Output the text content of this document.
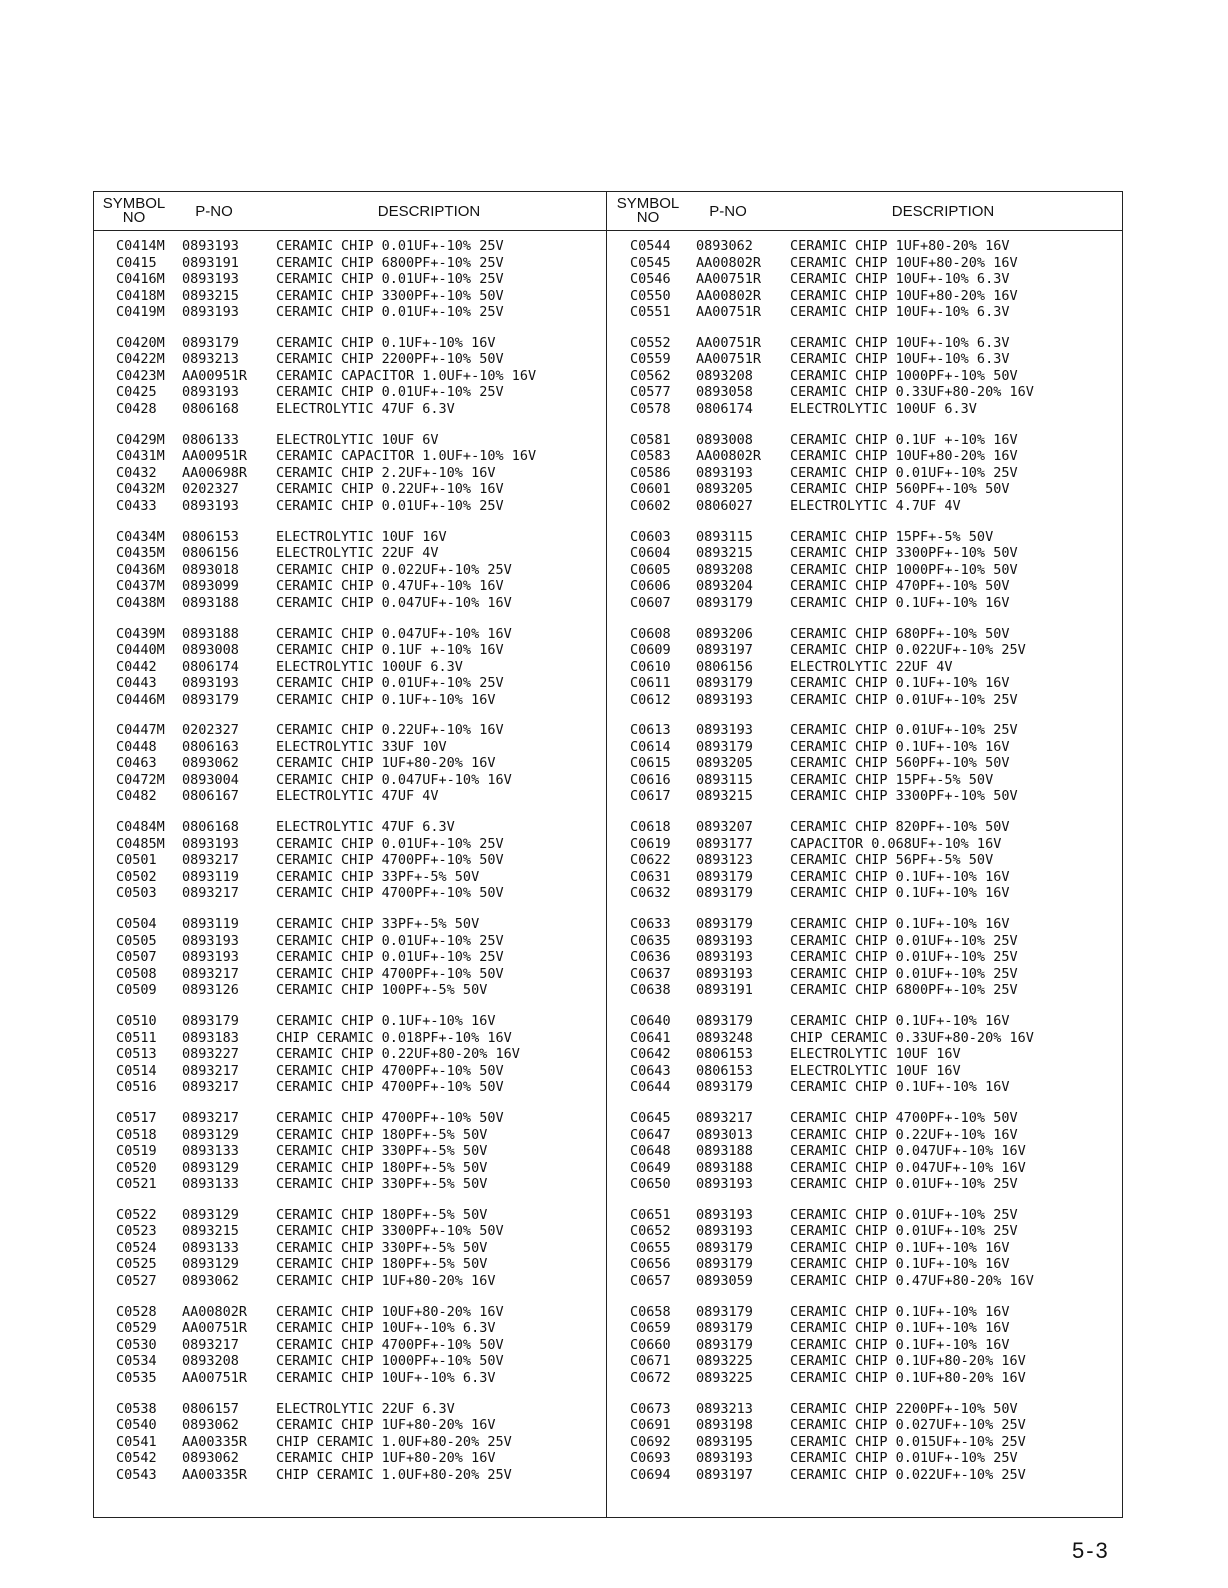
SYMBOL
NO	P-NO	DESCRIPTION
C0414M 0893193	CERAMIC CHIP 0.01UF+-10% 25V
C0415 0893191	CERAMIC CHIP 6800PF+-10% 25V
C0416M 0893193	CERAMIC CHIP 0.01UF+-10% 25V
C0418M 0893215	CERAMIC CHIP 3300PF+-10% 50V
C0419M 0893193	CERAMIC CHIP 0.01UF+-10% 25V
C0420M 0893179	CERAMIC CHIP 0.1UF+-10% 16V
C0422M 0893213	CERAMIC CHIP 2200PF+-10% 50V
C0423M AA00951R CERAMIC CAPACITOR 1.0UF+-10% 16V
C0425 0893193	CERAMIC CHIP 0.01UF+-10% 25V
C0428 0806168	ELECTROLYTIC 47UF 6.3V
C0429M 0806133	ELECTROLYTIC 10UF 6V
C0431M AA00951R CERAMIC CAPACITOR 1.0UF+-10% 16V
C0432 AA00698R CERAMIC CHIP 2.2UF+-10% 16V
C0432M 0202327	CERAMIC CHIP 0.22UF+-10% 16V
C0433 0893193	CERAMIC CHIP 0.01UF+-10% 25V
C0434M 0806153	ELECTROLYTIC 10UF 16V
C0435M 0806156	ELECTROLYTIC 22UF 4V
C0436M 0893018	CERAMIC CHIP 0.022UF+-10% 25V
C0437M 0893099	CERAMIC CHIP 0.47UF+-10% 16V
C0438M 0893188	CERAMIC CHIP 0.047UF+-10% 16V
C0439M 0893188	CERAMIC CHIP 0.047UF+-10% 16V
C0440M 0893008	CERAMIC CHIP 0.1UF +-10% 16V
C0442 0806174	ELECTROLYTIC 100UF 6.3V
C0443 0893193	CERAMIC CHIP 0.01UF+-10% 25V
C0446M 0893179	CERAMIC CHIP 0.1UF+-10% 16V
C0447M 0202327	CERAMIC CHIP 0.22UF+-10% 16V
C0448 0806163	ELECTROLYTIC 33UF 10V
C0463 0893062	CERAMIC CHIP 1UF+80-20% 16V
C0472M 0893004	CERAMIC CHIP 0.047UF+-10% 16V
C0482 0806167	ELECTROLYTIC 47UF 4V
C0484M 0806168	ELECTROLYTIC 47UF 6.3V
C0485M 0893193	CERAMIC CHIP 0.01UF+-10% 25V
C0501 0893217	CERAMIC CHIP 4700PF+-10% 50V
C0502 0893119	CERAMIC CHIP 33PF+-5% 50V
C0503 0893217	CERAMIC CHIP 4700PF+-10% 50V
C0504 0893119	CERAMIC CHIP 33PF+-5% 50V
C0505 0893193	CERAMIC CHIP 0.01UF+-10% 25V
C0507 0893193	CERAMIC CHIP 0.01UF+-10% 25V
C0508 0893217	CERAMIC CHIP 4700PF+-10% 50V
C0509 0893126	CERAMIC CHIP 100PF+-5% 50V
C0510 0893179	CERAMIC CHIP 0.1UF+-10% 16V
C0511 0893183	CHIP CERAMIC 0.018PF+-10% 16V
C0513 0893227	CERAMIC CHIP 0.22UF+80-20% 16V
C0514 0893217	CERAMIC CHIP 4700PF+-10% 50V
C0516 0893217	CERAMIC CHIP 4700PF+-10% 50V
C0517 0893217	CERAMIC CHIP 4700PF+-10% 50V
C0518 0893129	CERAMIC CHIP 180PF+-5% 50V
C0519 0893133	CERAMIC CHIP 330PF+-5% 50V
C0520 0893129	CERAMIC CHIP 180PF+-5% 50V
C0521 0893133	CERAMIC CHIP 330PF+-5% 50V
C0522 0893129	CERAMIC CHIP 180PF+-5% 50V
C0523 0893215	CERAMIC CHIP 3300PF+-10% 50V
C0524 0893133	CERAMIC CHIP 330PF+-5% 50V
C0525 0893129	CERAMIC CHIP 180PF+-5% 50V
C0527 0893062	CERAMIC CHIP 1UF+80-20% 16V
C0528 AA00802R CERAMIC CHIP 10UF+80-20% 16V
C0529 AA00751R CERAMIC CHIP 10UF+-10% 6.3V
C0530 0893217	CERAMIC CHIP 4700PF+-10% 50V
C0534 0893208	CERAMIC CHIP 1000PF+-10% 50V
C0535 AA00751R CERAMIC CHIP 10UF+-10% 6.3V
C0538 0806157	ELECTROLYTIC 22UF 6.3V
C0540 0893062	CERAMIC CHIP 1UF+80-20% 16V
C0541 AA00335R CHIP CERAMIC 1.0UF+80-20% 25V
C0542 0893062	CERAMIC CHIP 1UF+80-20% 16V
C0543 AA00335R CHIP CERAMIC 1.0UF+80-20% 25V
SYMBOL
NO	P-NO	DESCRIPTION
C0544 0893062	CERAMIC CHIP 1UF+80-20% 16V
C0545 AA00802R CERAMIC CHIP 10UF+80-20% 16V
C0546 AA00751R CERAMIC CHIP 10UF+-10% 6.3V
C0550 AA00802R CERAMIC CHIP 10UF+80-20% 16V
C0551 AA00751R CERAMIC CHIP 10UF+-10% 6.3V
C0552 AA00751R CERAMIC CHIP 10UF+-10% 6.3V
C0559 AA00751R CERAMIC CHIP 10UF+-10% 6.3V
C0562 0893208	CERAMIC CHIP 1000PF+-10% 50V
C0577 0893058	CERAMIC CHIP 0.33UF+80-20% 16V
C0578 0806174	ELECTROLYTIC 100UF 6.3V
C0581 0893008	CERAMIC CHIP 0.1UF +-10% 16V
C0583 AA00802R CERAMIC CHIP 10UF+80-20% 16V
C0586 0893193	CERAMIC CHIP 0.01UF+-10% 25V
C0601 0893205	CERAMIC CHIP 560PF+-10% 50V
C0602 0806027	ELECTROLYTIC 4.7UF 4V
C0603 0893115	CERAMIC CHIP 15PF+-5% 50V
C0604 0893215	CERAMIC CHIP 3300PF+-10% 50V
C0605 0893208	CERAMIC CHIP 1000PF+-10% 50V
C0606 0893204	CERAMIC CHIP 470PF+-10% 50V
C0607 0893179	CERAMIC CHIP 0.1UF+-10% 16V
C0608 0893206	CERAMIC CHIP 680PF+-10% 50V
C0609 0893197	CERAMIC CHIP 0.022UF+-10% 25V
C0610 0806156	ELECTROLYTIC 22UF 4V
C0611 0893179	CERAMIC CHIP 0.1UF+-10% 16V
C0612 0893193	CERAMIC CHIP 0.01UF+-10% 25V
C0613 0893193	CERAMIC CHIP 0.01UF+-10% 25V
C0614 0893179	CERAMIC CHIP 0.1UF+-10% 16V
C0615 0893205	CERAMIC CHIP 560PF+-10% 50V
C0616 0893115	CERAMIC CHIP 15PF+-5% 50V
C0617 0893215	CERAMIC CHIP 3300PF+-10% 50V
C0618 0893207	CERAMIC CHIP 820PF+-10% 50V
C0619 0893177	CAPACITOR 0.068UF+-10% 16V
C0622 0893123	CERAMIC CHIP 56PF+-5% 50V
C0631 0893179	CERAMIC CHIP 0.1UF+-10% 16V
C0632 0893179	CERAMIC CHIP 0.1UF+-10% 16V
C0633 0893179	CERAMIC CHIP 0.1UF+-10% 16V
C0635 0893193	CERAMIC CHIP 0.01UF+-10% 25V
C0636 0893193	CERAMIC CHIP 0.01UF+-10% 25V
C0637 0893193	CERAMIC CHIP 0.01UF+-10% 25V
C0638 0893191	CERAMIC CHIP 6800PF+-10% 25V
C0640 0893179	CERAMIC CHIP 0.1UF+-10% 16V
C0641 0893248	CHIP CERAMIC 0.33UF+80-20% 16V
C0642 0806153	ELECTROLYTIC 10UF 16V
C0643 0806153	ELECTROLYTIC 10UF 16V
C0644 0893179	CERAMIC CHIP 0.1UF+-10% 16V
C0645 0893217	CERAMIC CHIP 4700PF+-10% 50V
C0647 0893013	CERAMIC CHIP 0.22UF+-10% 16V
C0648 0893188	CERAMIC CHIP 0.047UF+-10% 16V
C0649 0893188	CERAMIC CHIP 0.047UF+-10% 16V
C0650 0893193	CERAMIC CHIP 0.01UF+-10% 25V
C0651 0893193	CERAMIC CHIP 0.01UF+-10% 25V
C0652 0893193	CERAMIC CHIP 0.01UF+-10% 25V
C0655 0893179	CERAMIC CHIP 0.1UF+-10% 16V
C0656 0893179	CERAMIC CHIP 0.1UF+-10% 16V
C0657 0893059	CERAMIC CHIP 0.47UF+80-20% 16V
C0658 0893179	CERAMIC CHIP 0.1UF+-10% 16V
C0659 0893179	CERAMIC CHIP 0.1UF+-10% 16V
C0660 0893179	CERAMIC CHIP 0.1UF+-10% 16V
C0671 0893225	CERAMIC CHIP 0.1UF+80-20% 16V
C0672 0893225	CERAMIC CHIP 0.1UF+80-20% 16V
C0673 0893213	CERAMIC CHIP 2200PF+-10% 50V
C0691 0893198	CERAMIC CHIP 0.027UF+-10% 25V
C0692 0893195	CERAMIC CHIP 0.015UF+-10% 25V
C0693 0893193	CERAMIC CHIP 0.01UF+-10% 25V
C0694 0893197	CERAMIC CHIP 0.022UF+-10% 25V
5-3
